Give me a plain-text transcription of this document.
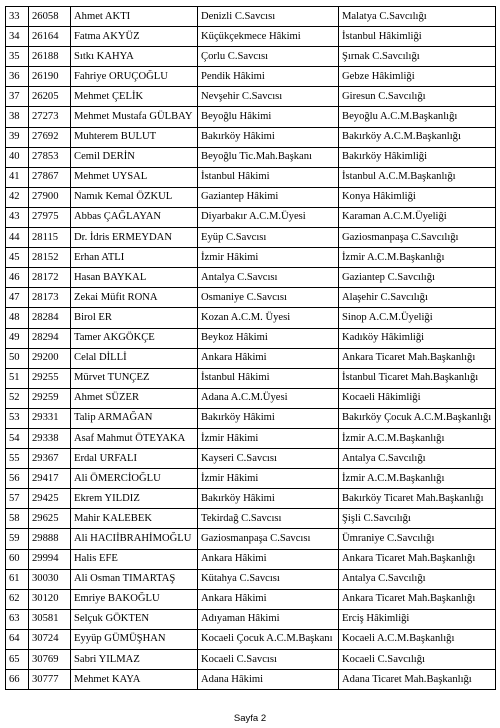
33	26058	Ahmet AKTI	Denizli C.Savcısı	Malatya C.Savcılığı
34	26164	Fatma AKYÜZ	Küçükçekmece Hâkimi	İstanbul Hâkimliği
35	26188	Sıtkı KAHYA	Çorlu C.Savcısı	Şırnak C.Savcılığı
36	26190	Fahriye ORUÇOĞLU	Pendik Hâkimi	Gebze Hâkimliği
37	26205	Mehmet ÇELİK	Nevşehir C.Savcısı	Giresun C.Savcılığı
38	27273	Mehmet Mustafa GÜLBAY	Beyoğlu Hâkimi	Beyoğlu A.C.M.Başkanlığı
39	27692	Muhterem BULUT	Bakırköy Hâkimi	Bakırköy A.C.M.Başkanlığı
40	27853	Cemil DERİN	Beyoğlu Tic.Mah.Başkanı	Bakırköy Hâkimliği
41	27867	Mehmet UYSAL	İstanbul Hâkimi	İstanbul A.C.M.Başkanlığı
42	27900	Namık Kemal ÖZKUL	Gaziantep Hâkimi	Konya Hâkimliği
43	27975	Abbas ÇAĞLAYAN	Diyarbakır A.C.M.Üyesi	Karaman A.C.M.Üyeliği
44	28115	Dr. İdris ERMEYDAN	Eyüp C.Savcısı	Gaziosmanpaşa C.Savcılığı
45	28152	Erhan ATLI	İzmir Hâkimi	İzmir A.C.M.Başkanlığı
46	28172	Hasan BAYKAL	Antalya C.Savcısı	Gaziantep C.Savcılığı
47	28173	Zekai Müfit RONA	Osmaniye C.Savcısı	Alaşehir C.Savcılığı
48	28284	Birol ER	Kozan A.C.M. Üyesi	Sinop A.C.M.Üyeliği
49	28294	Tamer AKGÖKÇE	Beykoz Hâkimi	Kadıköy Hâkimliği
50	29200	Celal DİLLİ	Ankara Hâkimi	Ankara Ticaret Mah.Başkanlığı
51	29255	Mürvet TUNÇEZ	İstanbul Hâkimi	İstanbul Ticaret Mah.Başkanlığı
52	29259	Ahmet SÜZER	Adana A.C.M.Üyesi	Kocaeli Hâkimliği
53	29331	Talip ARMAĞAN	Bakırköy Hâkimi	Bakırköy Çocuk A.C.M.Başkanlığı
54	29338	Asaf Mahmut ÖTEYAKA	İzmir Hâkimi	İzmir A.C.M.Başkanlığı
55	29367	Erdal URFALI	Kayseri C.Savcısı	Antalya C.Savcılığı
56	29417	Ali ÖMERCİOĞLU	İzmir Hâkimi	İzmir A.C.M.Başkanlığı
57	29425	Ekrem YILDIZ	Bakırköy Hâkimi	Bakırköy Ticaret Mah.Başkanlığı
58	29625	Mahir KALEBEK	Tekirdağ C.Savcısı	Şişli C.Savcılığı
59	29888	Ali HACIİBRAHİMOĞLU	Gaziosmanpaşa C.Savcısı	Ümraniye C.Savcılığı
60	29994	Halis EFE	Ankara Hâkimi	Ankara Ticaret Mah.Başkanlığı
61	30030	Ali Osman TIMARTAŞ	Kütahya C.Savcısı	Antalya C.Savcılığı
62	30120	Emriye BAKOĞLU	Ankara Hâkimi	Ankara Ticaret Mah.Başkanlığı
63	30581	Selçuk GÖKTEN	Adıyaman Hâkimi	Erciş Hâkimliği
64	30724	Eyyüp GÜMÜŞHAN	Kocaeli Çocuk A.C.M.Başkanı	Kocaeli A.C.M.Başkanlığı
65	30769	Sabri YILMAZ	Kocaeli C.Savcısı	Kocaeli C.Savcılığı
66	30777	Mehmet KAYA	Adana Hâkimi	Adana Ticaret Mah.Başkanlığı
Sayfa 2
